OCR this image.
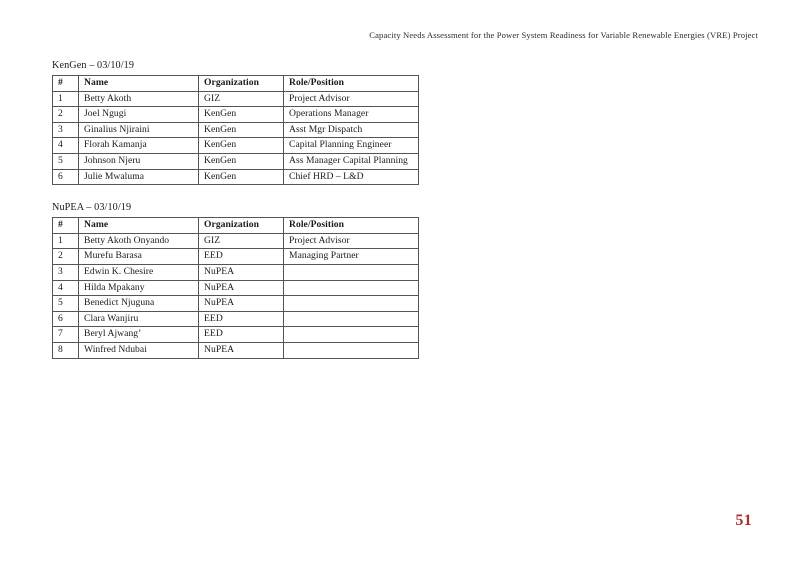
Capacity Needs Assessment for the Power System Readiness for Variable Renewable Energies (VRE) Project
KenGen – 03/10/19
#	Name	Organization	Role/Position
1	Betty Akoth	GIZ	Project Advisor
2	Joel Ngugi	KenGen	Operations Manager
3	Ginalius Njiraini	KenGen	Asst Mgr Dispatch
4	Florah Kamanja	KenGen	Capital Planning Engineer
5	Johnson Njeru	KenGen	Ass Manager Capital Planning
6	Julie Mwaluma	KenGen	Chief HRD – L&D
NuPEA – 03/10/19
#	Name	Organization	Role/Position
1	Betty Akoth Onyando	GIZ	Project Advisor
2	Murefu Barasa	EED	Managing Partner
3	Edwin K. Chesire	NuPEA	
4	Hilda Mpakany	NuPEA	
5	Benedict Njuguna	NuPEA	
6	Clara Wanjiru	EED	
7	Beryl Ajwang’	EED	
8	Winfred Ndubai	NuPEA	
51
